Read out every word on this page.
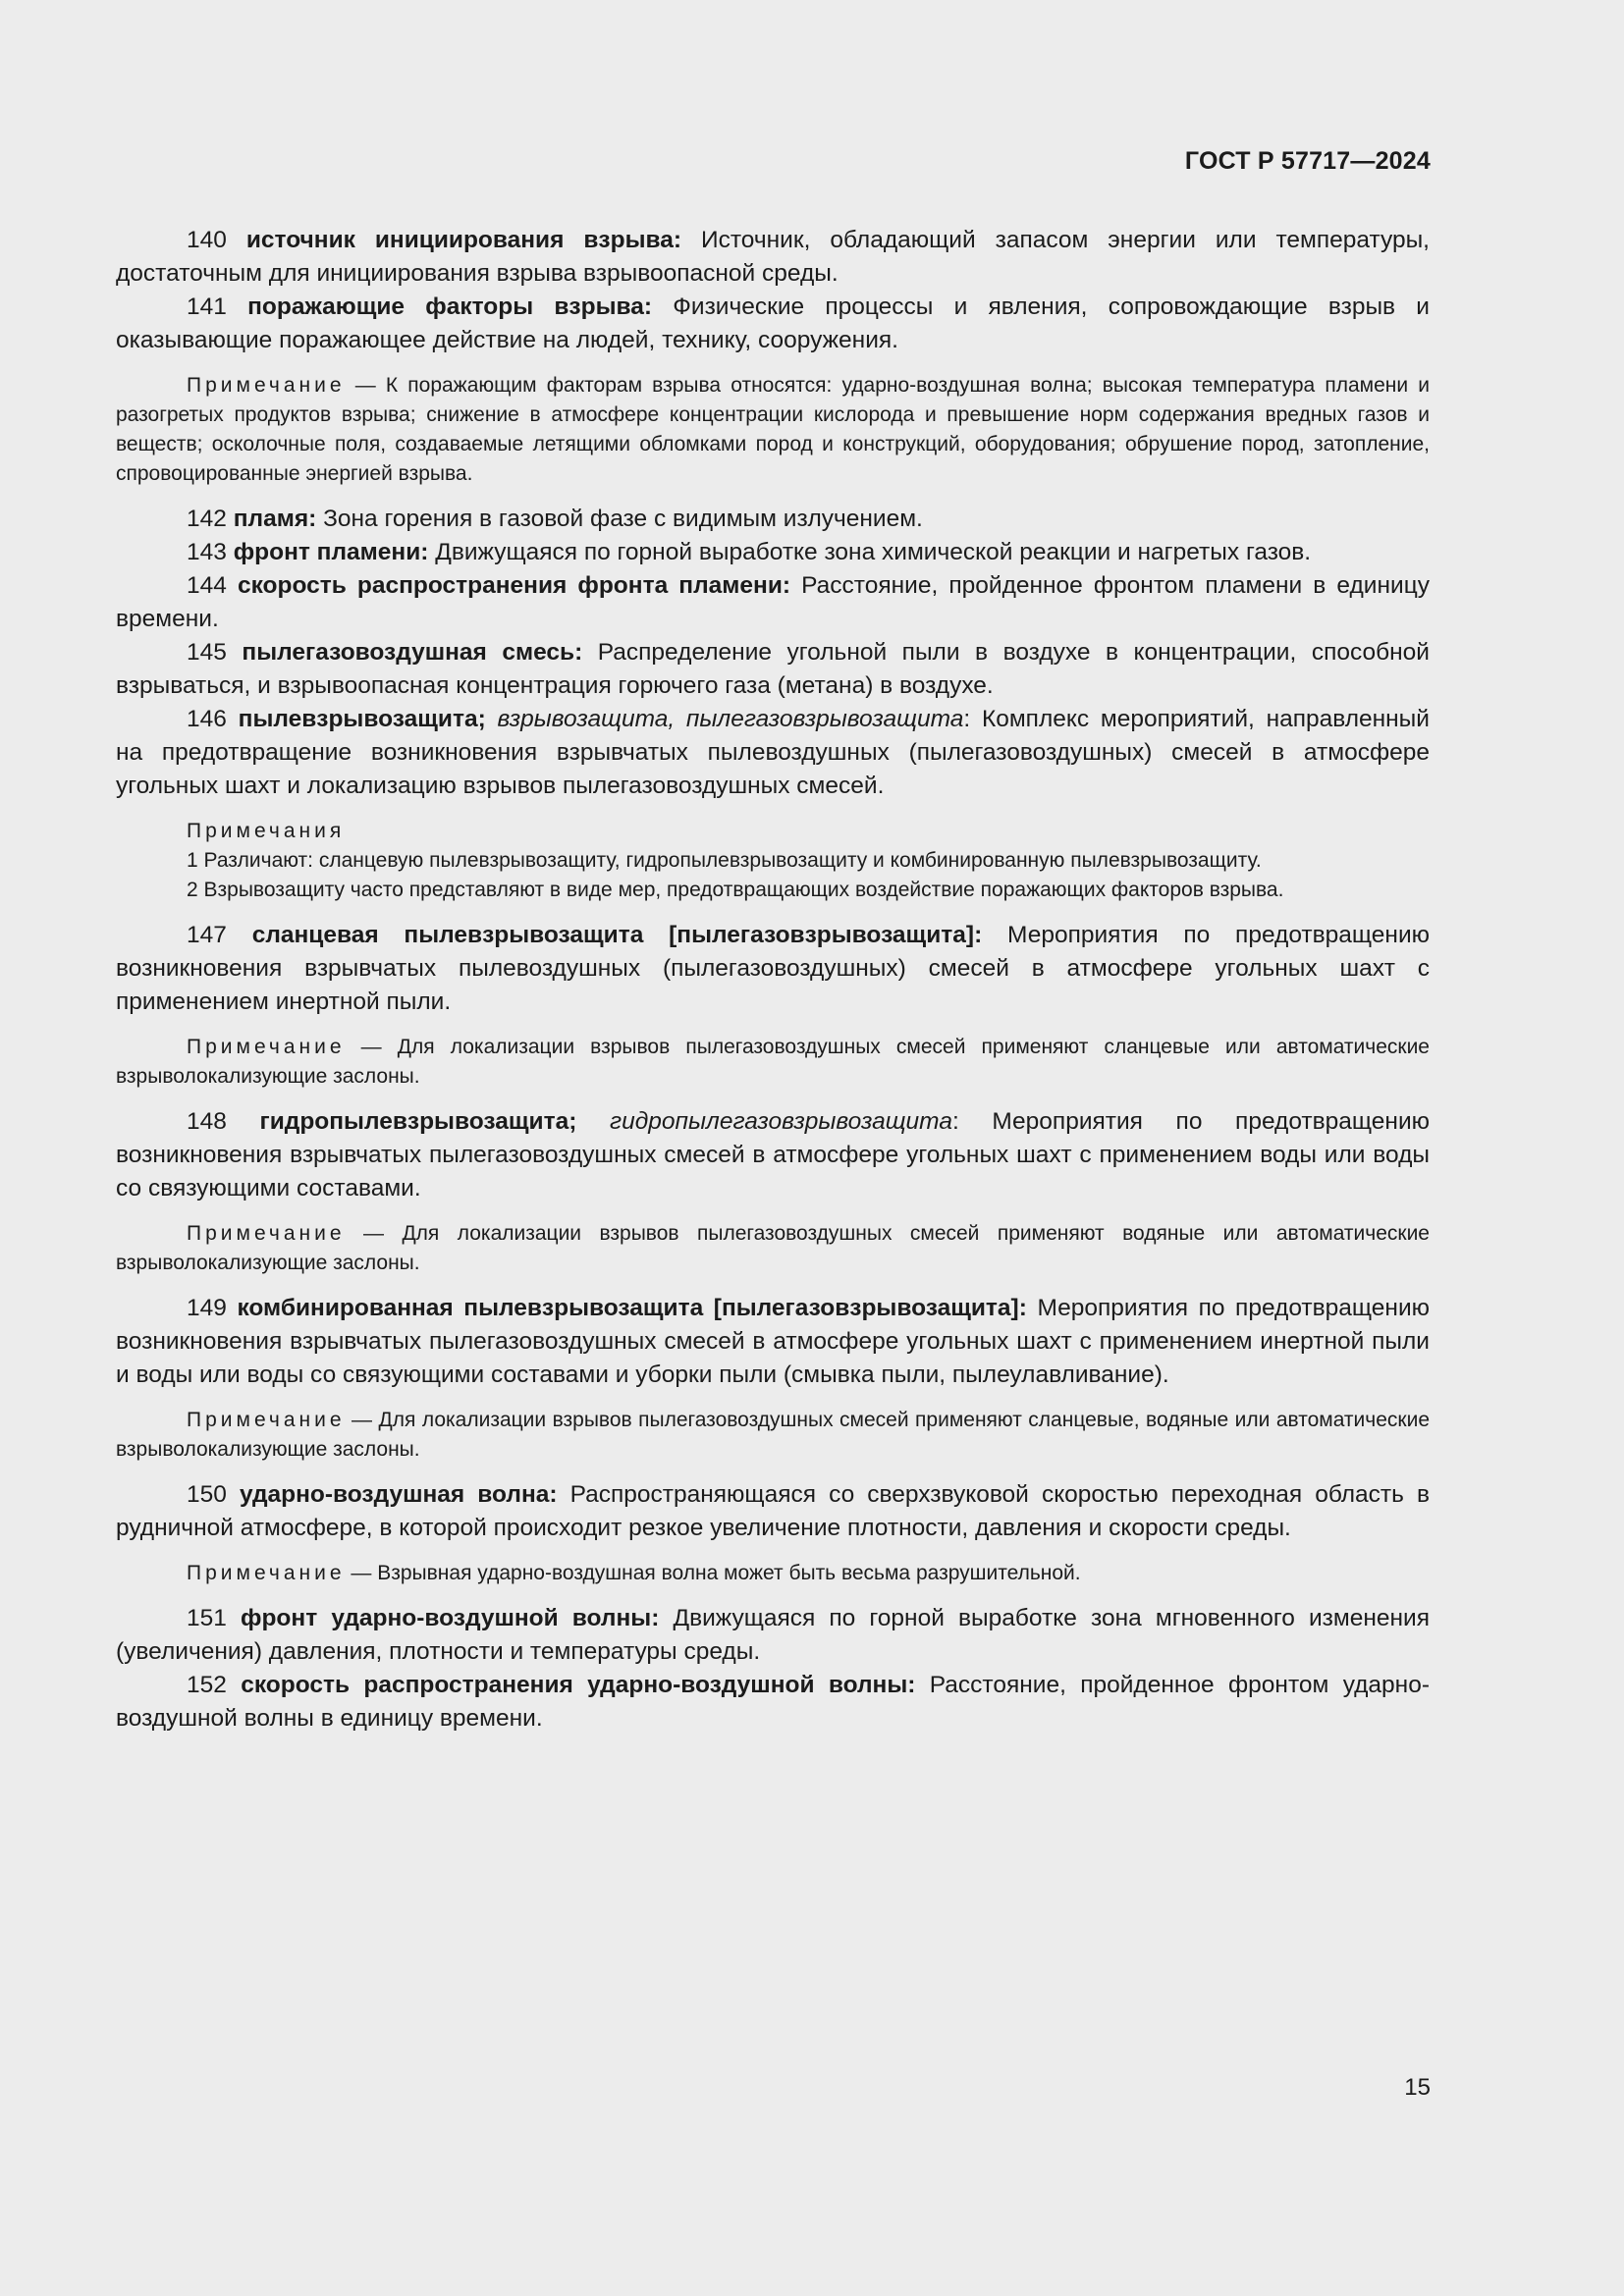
ГОСТ Р 57717—2024

140 источник инициирования взрыва: Источник, обладающий запасом энергии или температуры, достаточным для инициирования взрыва взрывоопасной среды.

141 поражающие факторы взрыва: Физические процессы и явления, сопровождающие взрыв и оказывающие поражающее действие на людей, технику, сооружения.

Примечание — К поражающим факторам взрыва относятся: ударно-воздушная волна; высокая температура пламени и разогретых продуктов взрыва; снижение в атмосфере концентрации кислорода и превышение норм содержания вредных газов и веществ; осколочные поля, создаваемые летящими обломками пород и конструкций, оборудования; обрушение пород, затопление, спровоцированные энергией взрыва.

142 пламя: Зона горения в газовой фазе с видимым излучением.

143 фронт пламени: Движущаяся по горной выработке зона химической реакции и нагретых газов.

144 скорость распространения фронта пламени: Расстояние, пройденное фронтом пламени в единицу времени.

145 пылегазовоздушная смесь: Распределение угольной пыли в воздухе в концентрации, способной взрываться, и взрывоопасная концентрация горючего газа (метана) в воздухе.

146 пылевзрывозащита; взрывозащита, пылегазовзрывозащита: Комплекс мероприятий, направленный на предотвращение возникновения взрывчатых пылевоздушных (пылегазовоздушных) смесей в атмосфере угольных шахт и локализацию взрывов пылегазовоздушных смесей.

Примечания

1 Различают: сланцевую пылевзрывозащиту, гидропылевзрывозащиту и комбинированную пылевзрывозащиту.

2 Взрывозащиту часто представляют в виде мер, предотвращающих воздействие поражающих факторов взрыва.

147 сланцевая пылевзрывозащита [пылегазовзрывозащита]: Мероприятия по предотвращению возникновения взрывчатых пылевоздушных (пылегазовоздушных) смесей в атмосфере угольных шахт с применением инертной пыли.

Примечание — Для локализации взрывов пылегазовоздушных смесей применяют сланцевые или автоматические взрыволокализующие заслоны.

148 гидропылевзрывозащита; гидропылегазовзрывозащита: Мероприятия по предотвращению возникновения взрывчатых пылегазовоздушных смесей в атмосфере угольных шахт с применением воды или воды со связующими составами.

Примечание — Для локализации взрывов пылегазовоздушных смесей применяют водяные или автоматические взрыволокализующие заслоны.

149 комбинированная пылевзрывозащита [пылегазовзрывозащита]: Мероприятия по предотвращению возникновения взрывчатых пылегазовоздушных смесей в атмосфере угольных шахт с применением инертной пыли и воды или воды со связующими составами и уборки пыли (смывка пыли, пылеулавливание).

Примечание — Для локализации взрывов пылегазовоздушных смесей применяют сланцевые, водяные или автоматические взрыволокализующие заслоны.

150 ударно-воздушная волна: Распространяющаяся со сверхзвуковой скоростью переходная область в рудничной атмосфере, в которой происходит резкое увеличение плотности, давления и скорости среды.

Примечание — Взрывная ударно-воздушная волна может быть весьма разрушительной.

151 фронт ударно-воздушной волны: Движущаяся по горной выработке зона мгновенного изменения (увеличения) давления, плотности и температуры среды.

152 скорость распространения ударно-воздушной волны: Расстояние, пройденное фронтом ударно-воздушной волны в единицу времени.

15
